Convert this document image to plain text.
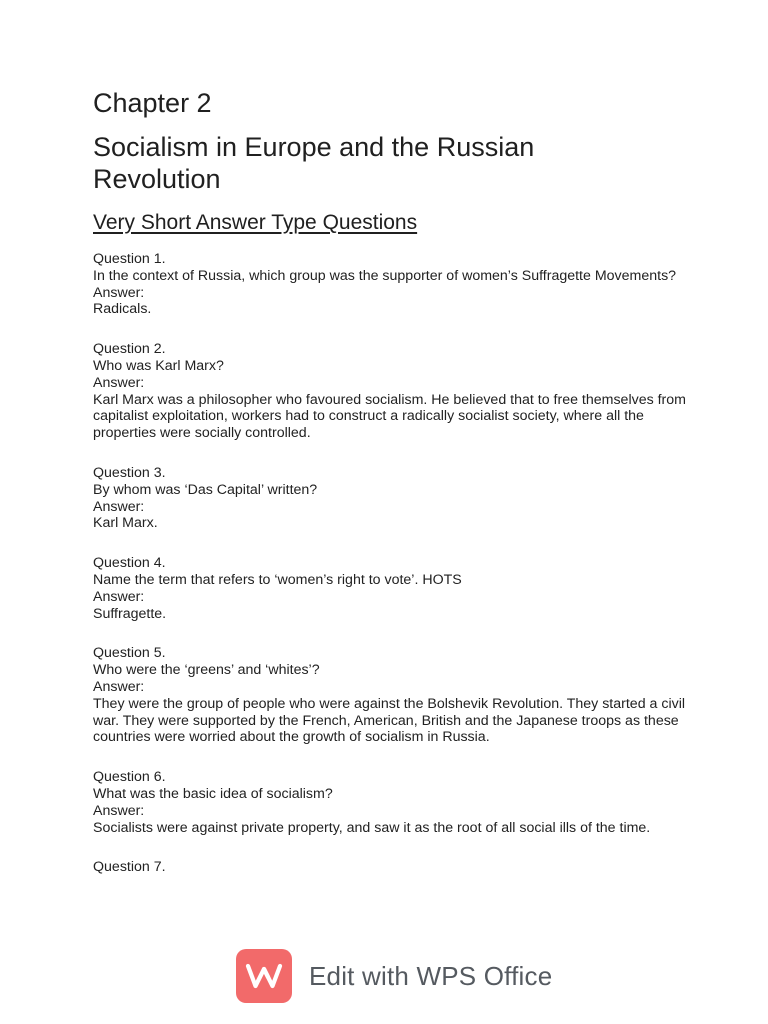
Chapter 2
Socialism in Europe and the Russian
Revolution
Very Short Answer Type Questions
Question 1.
In the context of Russia, which group was the supporter of women’s Suffragette Movements?
Answer:
Radicals.
Question 2.
Who was Karl Marx?
Answer:
Karl Marx was a philosopher who favoured socialism. He believed that to free themselves from capitalist exploitation, workers had to construct a radically socialist society, where all the properties were socially controlled.
Question 3.
By whom was ‘Das Capital’ written?
Answer:
Karl Marx.
Question 4.
Name the term that refers to ‘women’s right to vote’. HOTS
Answer:
Suffragette.
Question 5.
Who were the ‘greens’ and ‘whites’?
Answer:
They were the group of people who were against the Bolshevik Revolution. They started a civil war. They were supported by the French, American, British and the Japanese troops as these countries were worried about the growth of socialism in Russia.
Question 6.
What was the basic idea of socialism?
Answer:
Socialists were against private property, and saw it as the root of all social ills of the time.
Question 7.
Edit with WPS Office
